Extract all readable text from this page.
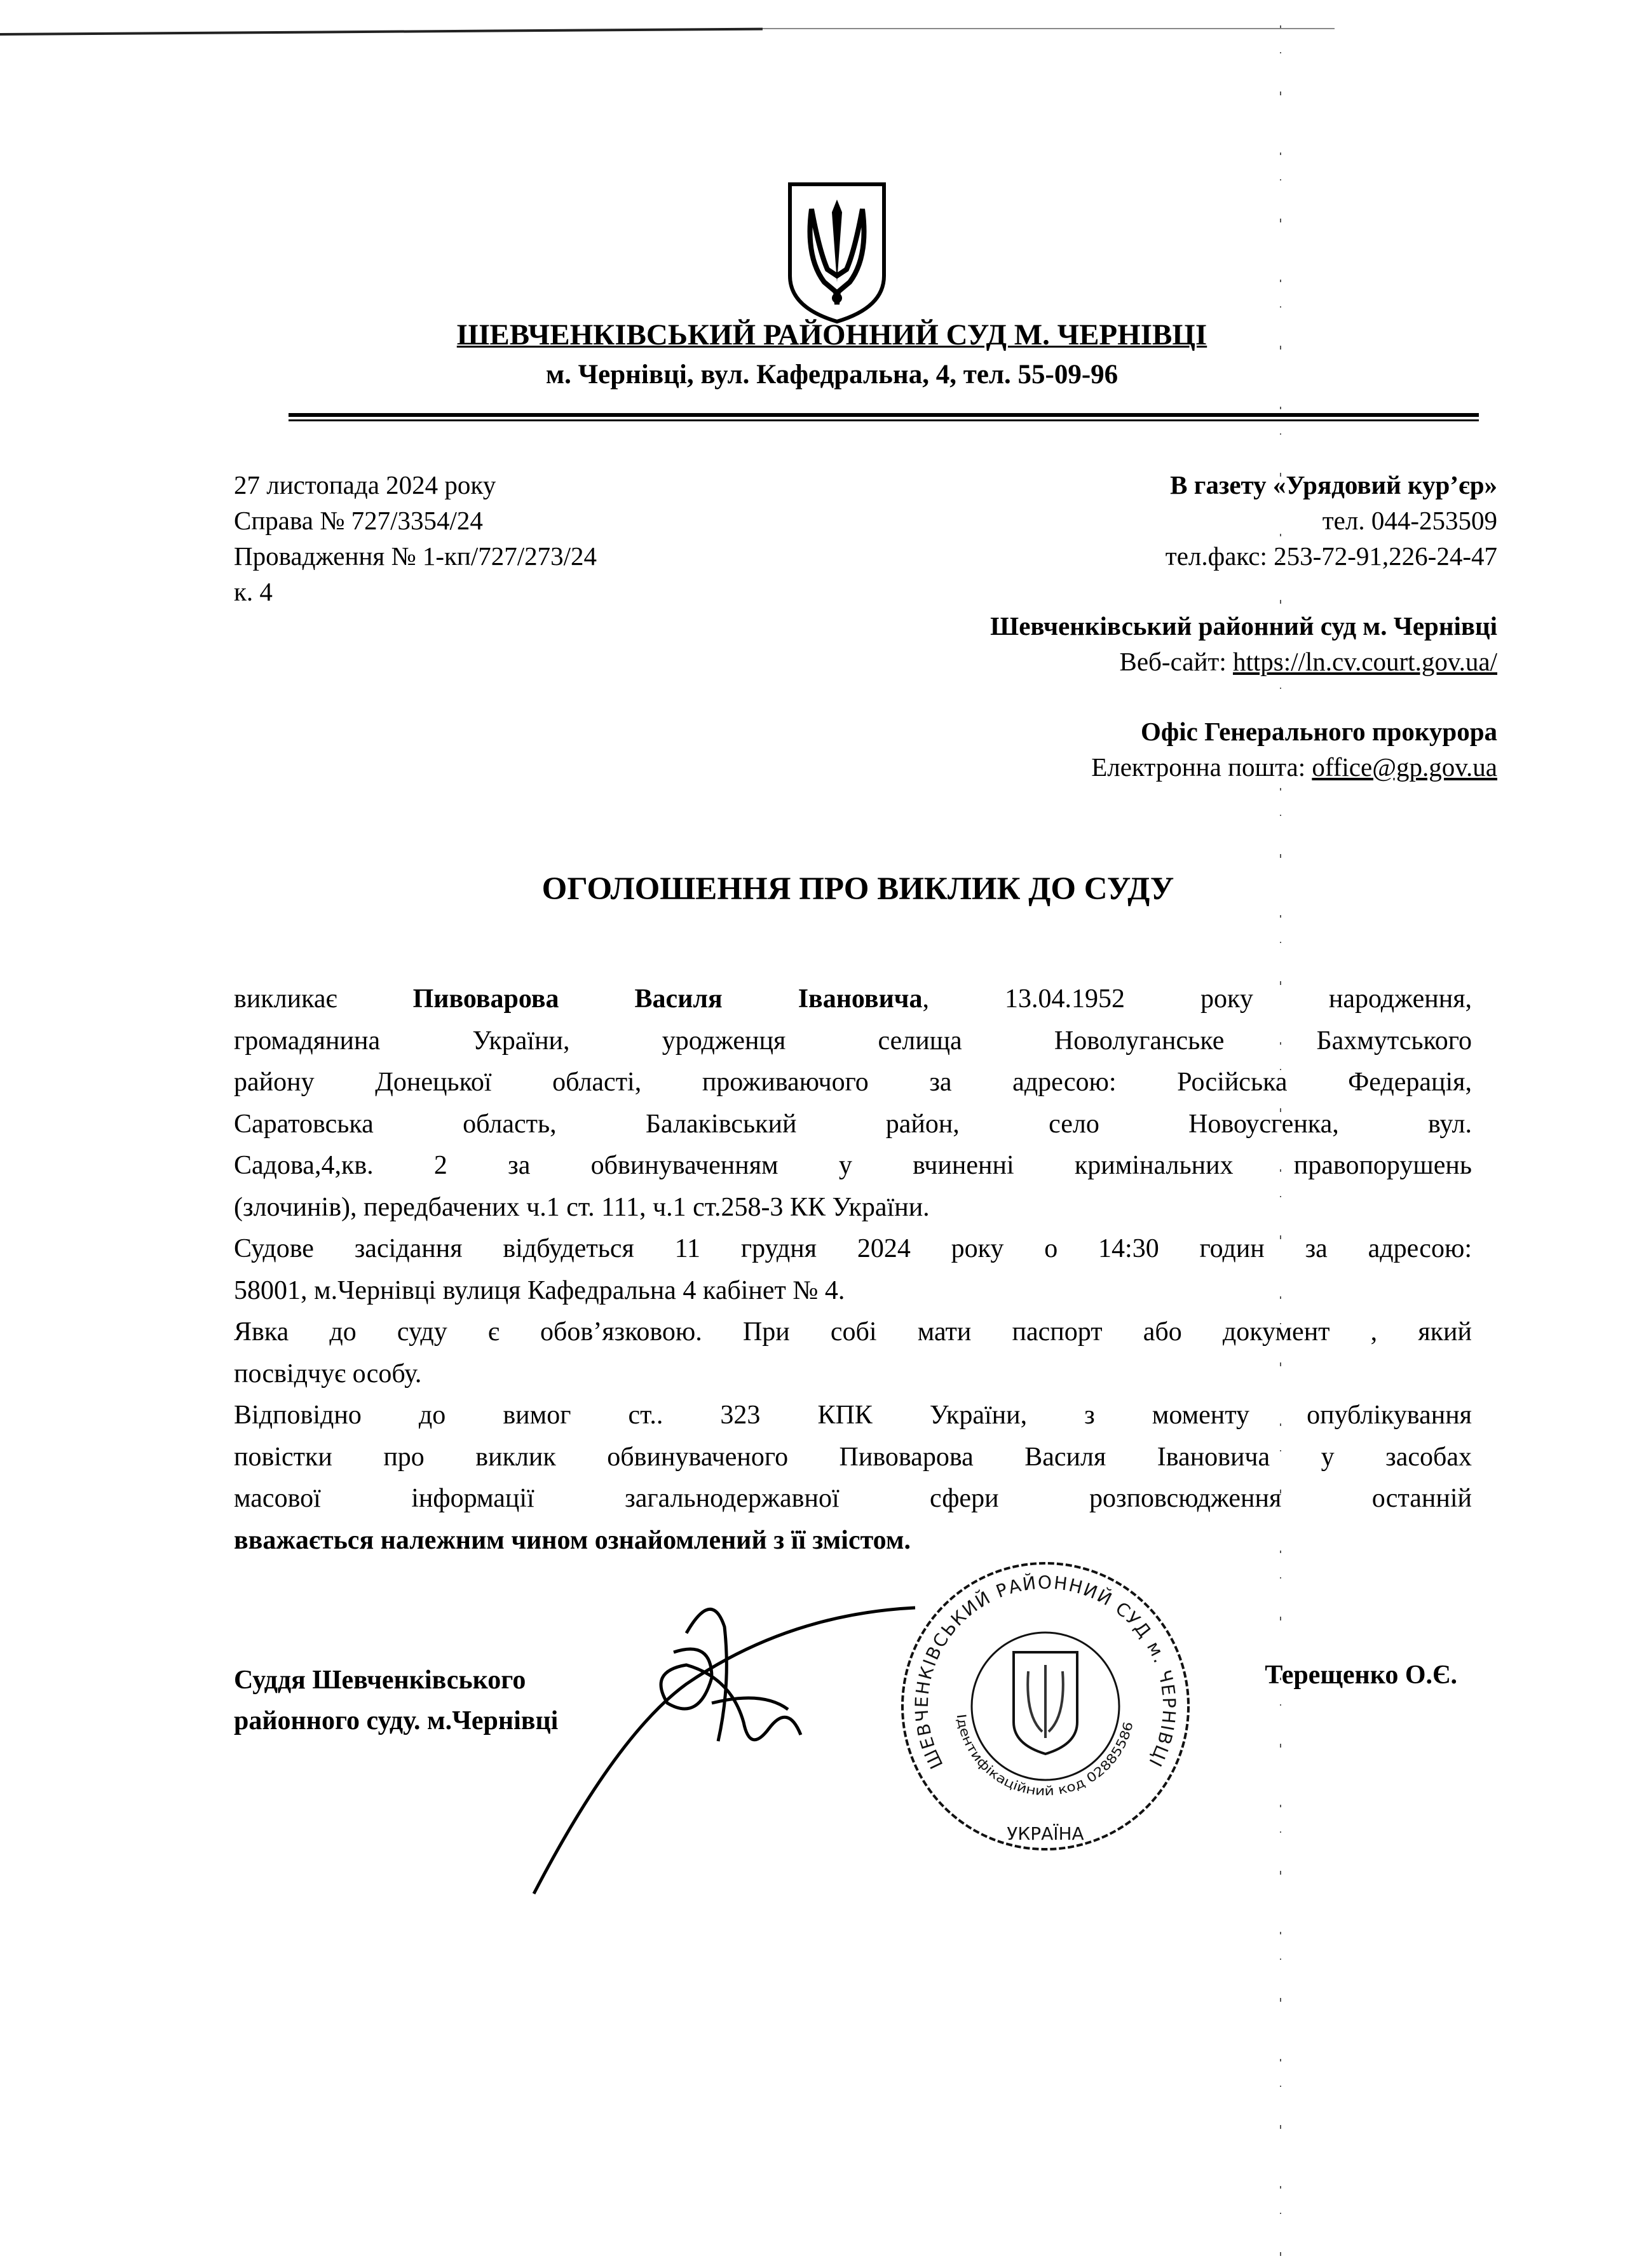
ШЕВЧЕНКІВСЬКИЙ РАЙОННИЙ СУД М. ЧЕРНІВЦІ
м. Чернівці, вул. Кафедральна, 4, тел. 55-09-96
27 листопада 2024 року
Справа № 727/3354/24
Провадження № 1-кп/727/273/24
к. 4
В газету «Урядовий кур’єр»
тел. 044-253509
тел.факс: 253-72-91,226-24-47
Шевченківський районний суд м. Чернівці
Веб-сайт: https://ln.cv.court.gov.ua/
Офіс Генерального прокурора
Електронна пошта: office@gp.gov.ua
ОГОЛОШЕННЯ ПРО ВИКЛИК ДО СУДУ
викликає Пивоварова Василя Івановича, 13.04.1952 року народження,
громадянина України, уродженця селища Новолуганське Бахмутського
району Донецької області, проживаючого за адресою: Російська Федерація,
Саратовська область, Балаківський район, село Новоусгенка, вул.
Садова,4,кв. 2 за обвинуваченням у вчиненні кримінальних правопорушень
(злочинів), передбачених ч.1 ст. 111, ч.1 ст.258-3 КК України.
Судове засідання відбудеться 11 грудня 2024 року о 14:30 годин за адресою:
58001, м.Чернівці вулиця Кафедральна 4 кабінет № 4.
Явка до суду є обов’язковою. При собі мати паспорт або документ , який
посвідчує особу.
Відповідно до вимог ст.. 323 КПК України, з моменту опублікування
повістки про виклик обвинуваченого Пивоварова Василя Івановича у засобах
масової інформації загальнодержавної сфери розповсюдження останній
вважається належним чином ознайомлений з її змістом.
Суддя Шевченківського
районного суду. м.Чернівці
Терещенко О.Є.
ШЕВЧЕНКІВСЬКИЙ РАЙОННИЙ СУД м. ЧЕРНІВЦІ
Ідентифікаційний код 02885586
УКРАЇНА
